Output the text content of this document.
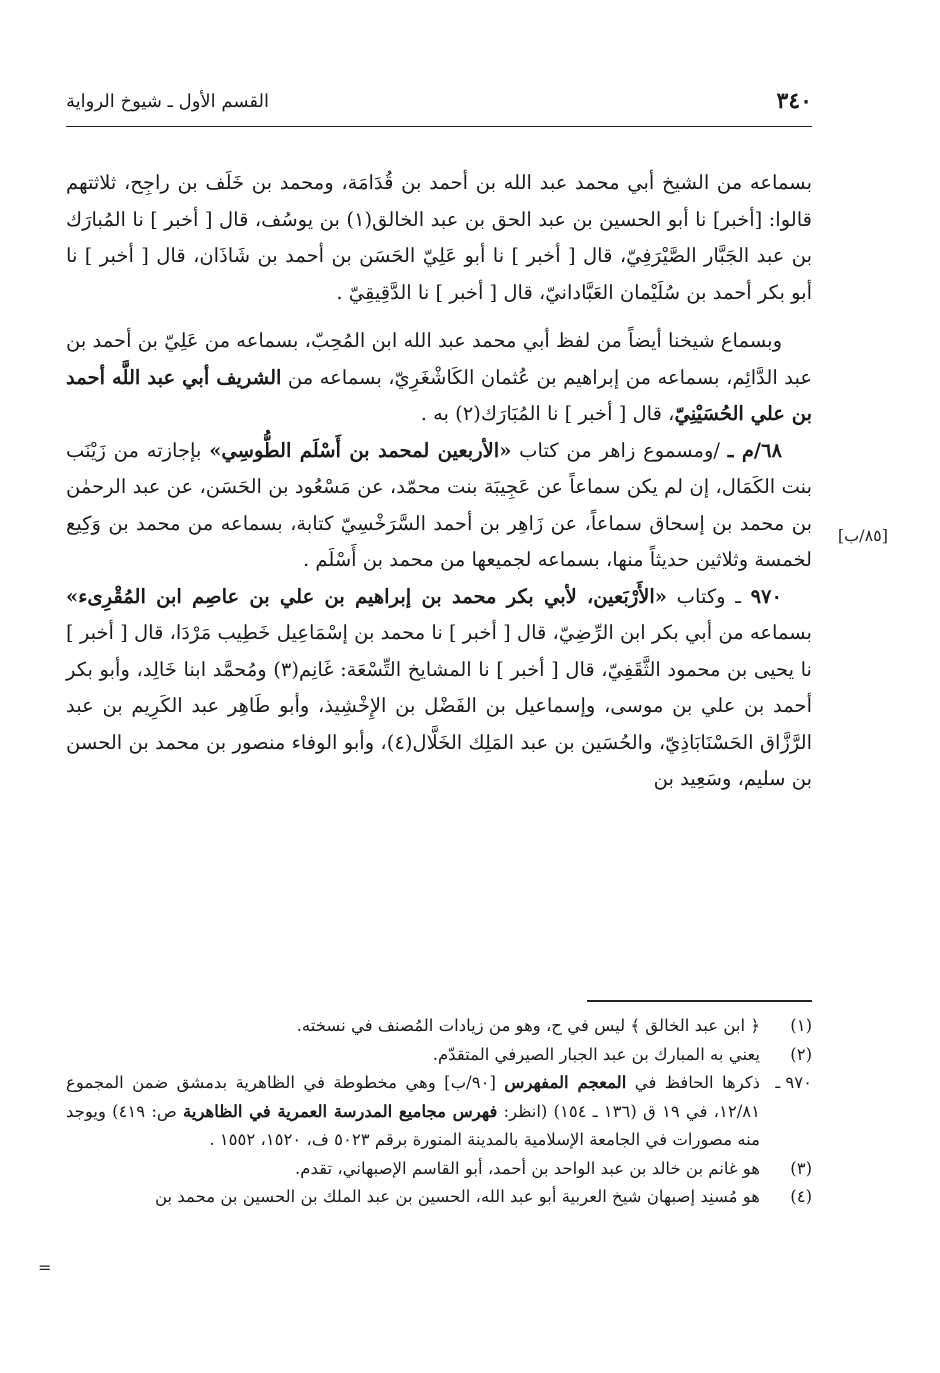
٣٤٠
القسم الأول ـ شيوخ الرواية
[٨٥/ب]

بسماعه من الشيخ أبي محمد عبد الله بن أحمد بن قُدَامَة، ومحمد بن خَلَف بن راجِح، ثلاثتهم قالوا: [أخبر] نا أبو الحسين بن عبد الحق بن عبد الخالق(١) بن يوسُف، قال [ أخبر ] نا المُبارَك بن عبد الجَبَّار الصَّيْرَفِيّ، قال [ أخبر ] نا أبو عَلِيّ الحَسَن بن أحمد بن شَاذَان، قال [ أخبر ] نا أبو بكر أحمد بن سُلَيْمان العَبَّادانيّ، قال [ أخبر ] نا الدَّقِيقِيّ .

وبسماع شيخنا أيضاً من لفظ أبي محمد عبد الله ابن المُحِبّ، بسماعه من عَلِيّ بن أحمد بن عبد الدَّائِم، بسماعه من إبراهيم بن عُثمان الكَاشْغَرِيّ، بسماعه من الشريف أبي عبد اللَّه أحمد بن علي الحُسَيْنِيّ، قال [ أخبر ] نا المُبَارَك(٢) به .

٦٨/م ـ /ومسموع زاهر من كتاب «الأربعين لمحمد بن أَسْلَم الطُّوسِي» بإجازته من زَيْنَب بنت الكَمَال، إن لم يكن سماعاً عن عَجِيبَة بنت محمّد، عن مَسْعُود بن الحَسَن، عن عبد الرحمٰن بن محمد بن إسحاق سماعاً، عن زَاهِر بن أحمد السَّرَخْسِيّ كتابة، بسماعه من محمد بن وَكِيع لخمسة وثلاثين حديثاً منها، بسماعه لجميعها من محمد بن أَسْلَم .

٩٧٠ ـ وكتاب «الأَرْبَعين، لأبي بكر محمد بن إبراهيم بن علي بن عاصِم ابن المُقْرِىء» بسماعه من أبي بكر ابن الرِّضِيّ، قال [ أخبر ] نا محمد بن إسْمَاعِيل خَطِيب مَرْدَا، قال [ أخبر ] نا يحيى بن محمود الثَّقَفِيّ، قال [ أخبر ] نا المشايخ التِّسْعَة: غَانِم(٣) ومُحمَّد ابنا خَالِد، وأبو بكر أحمد بن علي بن موسى، وإسماعيل بن الفَضْل بن الإِخْشِيذ، وأبو طَاهِر عبد الكَرِيم بن عبد الرَّزَّاق الحَسْنَابَاذِيّ، والحُسَين بن عبد المَلِك الخَلَّال(٤)، وأبو الوفاء منصور بن محمد بن الحسن بن سليم، وسَعِيد بن

(١)
﴿ ابن عبد الخالق ﴾ ليس في ح، وهو من زيادات المُصنف في نسخته.
(٢)
يعني به المبارك بن عبد الجبار الصيرفي المتقدّم.
٩٧٠ ـ
ذكرها الحافظ في المعجم المفهرس [٩٠/ب] وهي مخطوطة في الظاهرية بدمشق ضمن المجموع ١٢/٨١، في ١٩ ق (١٣٦ ـ ١٥٤) (انظر: فهرس مجاميع المدرسة العمرية في الظاهرية ص: ٤١٩) ويوجد منه مصورات في الجامعة الإسلامية بالمدينة المنورة برقم ٥٠٢٣ ف، ١٥٢٠، ١٥٥٢ .
(٣)
هو غانم بن خالد بن عبد الواحد بن أحمد، أبو القاسم الإصبهاني، تقدم.
(٤)
هو مُسنِد إصبهان شيخ العربية أبو عبد الله، الحسين بن عبد الملك بن الحسين بن محمد بن
=
